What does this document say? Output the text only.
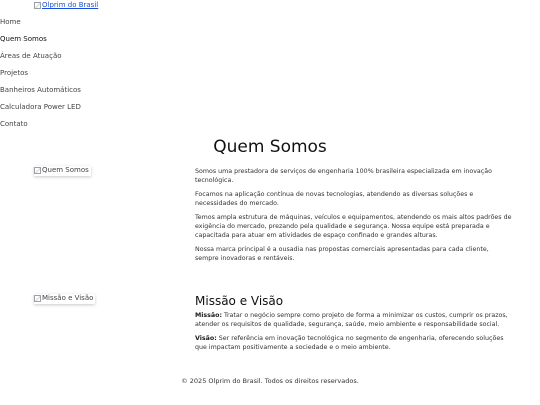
Olprim do Brasil
Home
Quem Somos
Áreas de Atuação
Projetos
Banheiros Automáticos
Calculadora Power LED
Contato
Quem Somos
Quem Somos	Somos uma prestadora de serviços de engenharia 100% brasileira especializada em inovação tecnológica.

Focamos na aplicação contínua de novas tecnologias, atendendo as diversas soluções e necessidades do mercado.

Temos ampla estrutura de máquinas, veículos e equipamentos, atendendo os mais altos padrões de exigência do mercado, prezando pela qualidade e segurança. Nossa equipe está preparada e capacitada para atuar em atividades de espaço confinado e grandes alturas.

Nossa marca principal é a ousadia nas propostas comerciais apresentadas para cada cliente, sempre inovadoras e rentáveis.

Missão e Visão	Missão e Visão

Missão: Tratar o negócio sempre como projeto de forma a minimizar os custos, cumprir os prazos, atender os requisitos de qualidade, segurança, saúde, meio ambiente e responsabilidade social.

Visão: Ser referência em inovação tecnológica no segmento de engenharia, oferecendo soluções que impactam positivamente a sociedade e o meio ambiente.

© 2025 Olprim do Brasil. Todos os direitos reservados.
